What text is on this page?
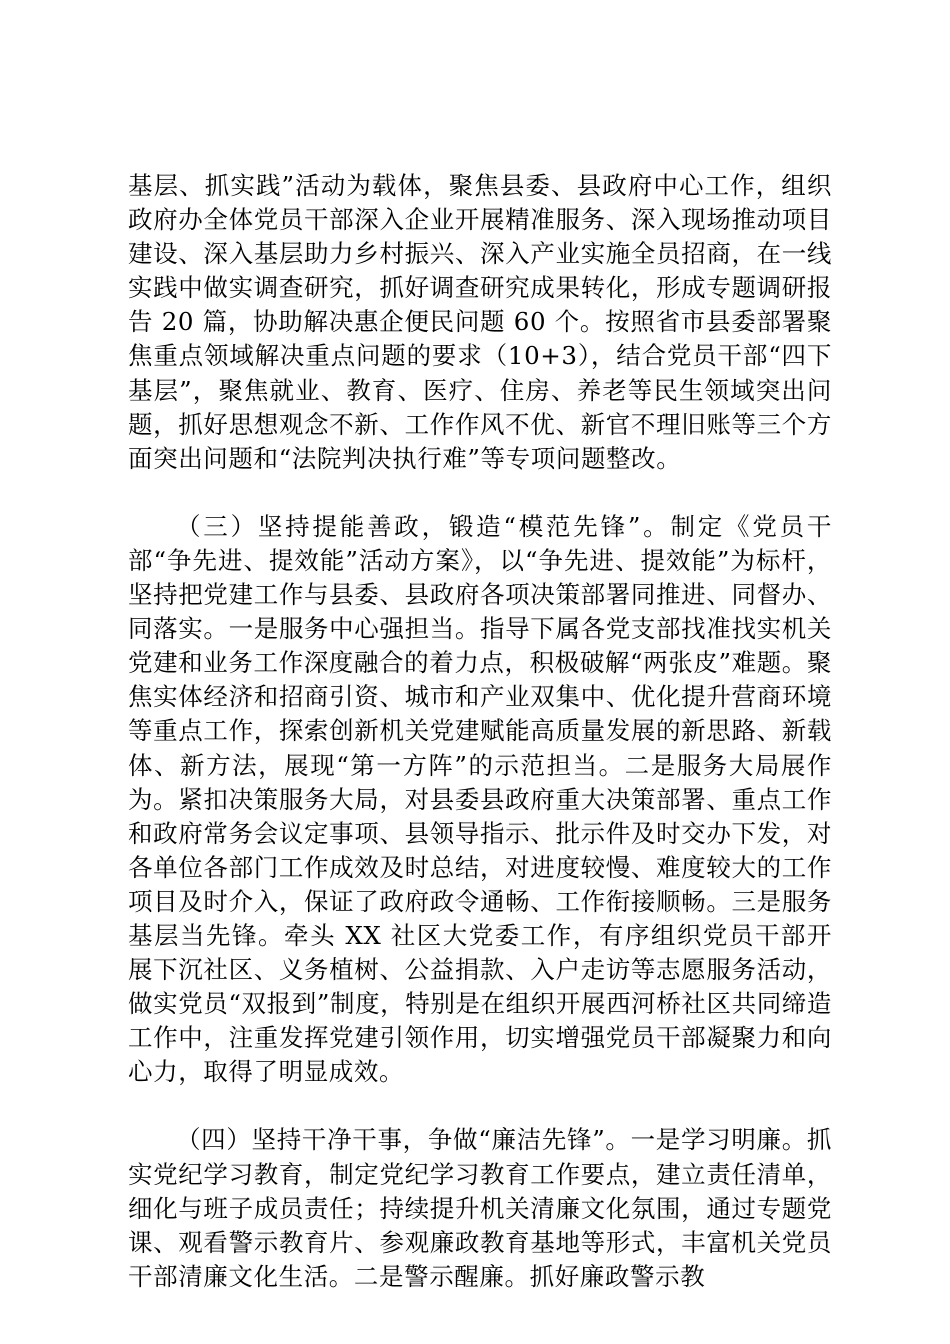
基层、抓实践”活动为载体，聚焦县委、县政府中心工作，组织政府办全体党员干部深入企业开展精准服务、深入现场推动项目建设、深入基层助力乡村振兴、深入产业实施全员招商，在一线实践中做实调查研究，抓好调查研究成果转化，形成专题调研报告 20 篇，协助解决惠企便民问题 60 个。按照省市县委部署聚焦重点领域解决重点问题的要求（10+3），结合党员干部“四下基层”，聚焦就业、教育、医疗、住房、养老等民生领域突出问题，抓好思想观念不新、工作作风不优、新官不理旧账等三个方面突出问题和“法院判决执行难”等专项问题整改。

（三）坚持提能善政，锻造“模范先锋”。制定《党员干部“争先进、提效能”活动方案》，以“争先进、提效能”为标杆，坚持把党建工作与县委、县政府各项决策部署同推进、同督办、同落实。一是服务中心强担当。指导下属各党支部找准找实机关党建和业务工作深度融合的着力点，积极破解“两张皮”难题。聚焦实体经济和招商引资、城市和产业双集中、优化提升营商环境等重点工作，探索创新机关党建赋能高质量发展的新思路、新载体、新方法，展现“第一方阵”的示范担当。二是服务大局展作为。紧扣决策服务大局，对县委县政府重大决策部署、重点工作和政府常务会议定事项、县领导指示、批示件及时交办下发，对各单位各部门工作成效及时总结，对进度较慢、难度较大的工作项目及时介入，保证了政府政令通畅、工作衔接顺畅。三是服务基层当先锋。牵头 XX 社区大党委工作，有序组织党员干部开展下沉社区、义务植树、公益捐款、入户走访等志愿服务活动，做实党员“双报到”制度，特别是在组织开展西河桥社区共同缔造工作中，注重发挥党建引领作用，切实增强党员干部凝聚力和向心力，取得了明显成效。

（四）坚持干净干事，争做“廉洁先锋”。一是学习明廉。抓实党纪学习教育，制定党纪学习教育工作要点，建立责任清单，细化与班子成员责任；持续提升机关清廉文化氛围，通过专题党课、观看警示教育片、参观廉政教育基地等形式，丰富机关党员干部清廉文化生活。二是警示醒廉。抓好廉政警示教
